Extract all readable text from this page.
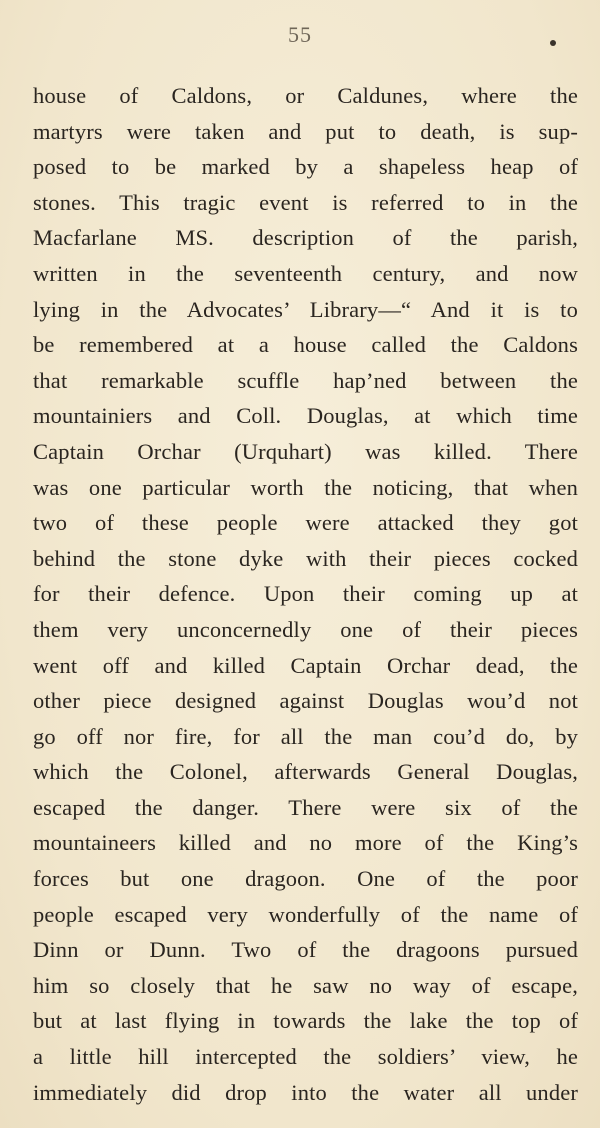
55
house of Caldons, or Caldunes, where the
martyrs were taken and put to death, is sup-
posed to be marked by a shapeless heap of
stones. This tragic event is referred to in the
Macfarlane MS. description of the parish,
written in the seventeenth century, and now
lying in the Advocates’ Library—“ And it is to
be remembered at a house called the Caldons
that remarkable scuffle hap’ned between the
mountainiers and Coll. Douglas, at which time
Captain Orchar (Urquhart) was killed. There
was one particular worth the noticing, that when
two of these people were attacked they got
behind the stone dyke with their pieces cocked
for their defence. Upon their coming up at
them very unconcernedly one of their pieces
went off and killed Captain Orchar dead, the
other piece designed against Douglas wou’d not
go off nor fire, for all the man cou’d do, by
which the Colonel, afterwards General Douglas,
escaped the danger. There were six of the
mountaineers killed and no more of the King’s
forces but one dragoon. One of the poor
people escaped very wonderfully of the name of
Dinn or Dunn. Two of the dragoons pursued
him so closely that he saw no way of escape,
but at last flying in towards the lake the top of
a little hill intercepted the soldiers’ view, he
immediately did drop into the water all under
